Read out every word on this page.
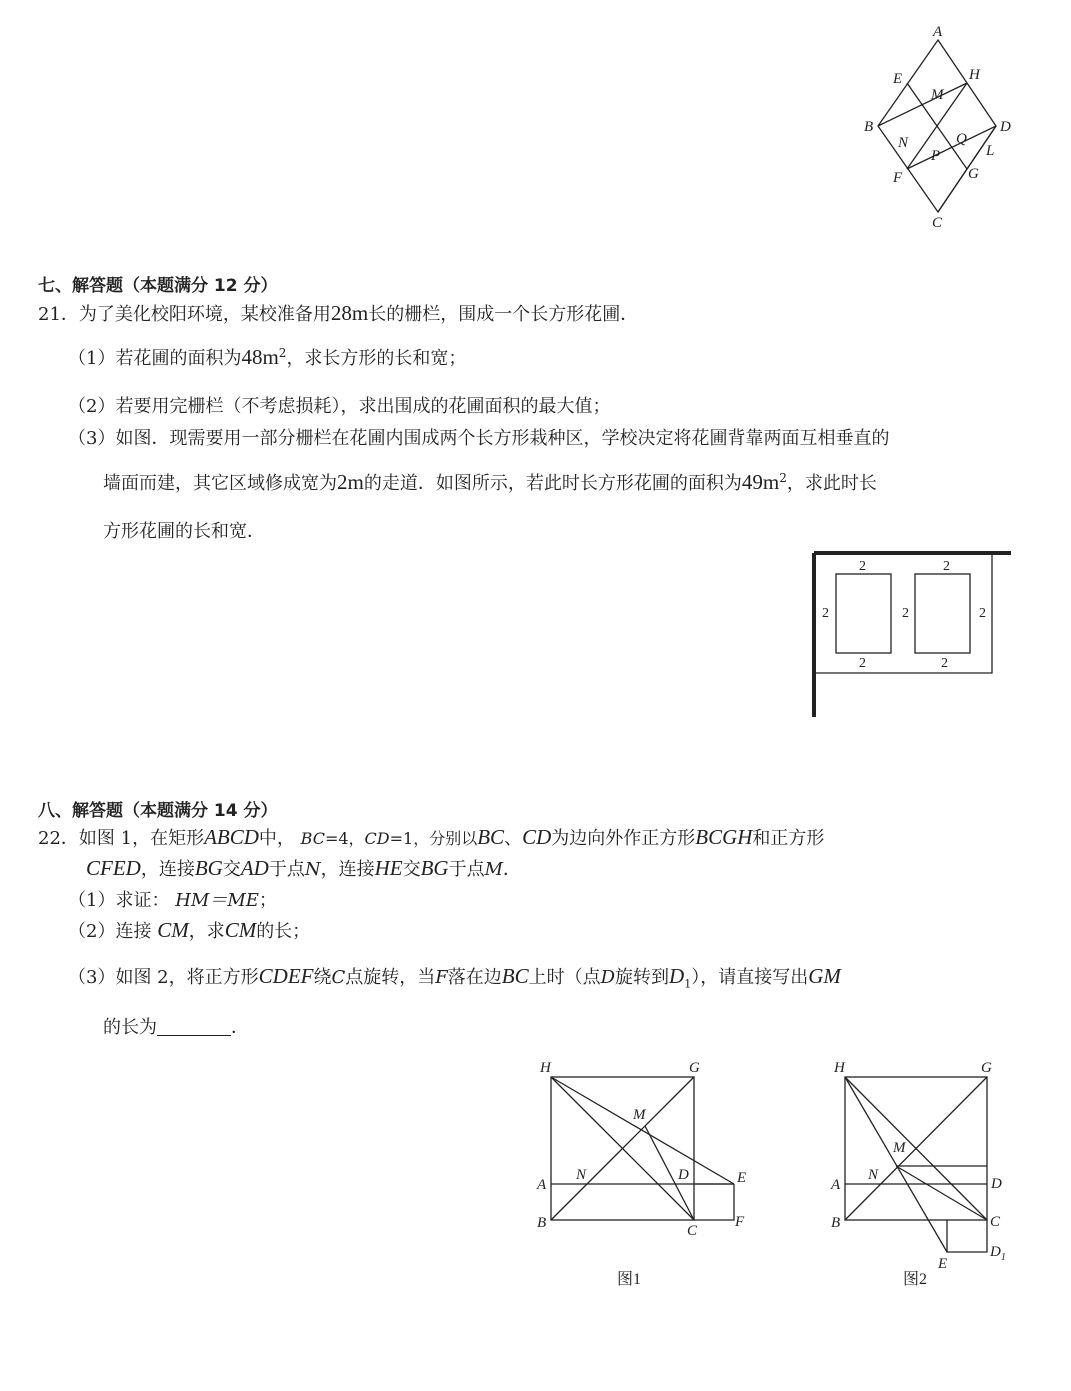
A
E	H
M
B	D
N	Q
P	L
F	G
C
七、解答题（本题满分 12 分）
21．为了美化校阳环境，某校准备用28m长的栅栏，围成一个长方形花圃．
（1）若花圃的面积为$48m^2$，求长方形的长和宽；
（2）若要用完栅栏（不考虑损耗），求出围成的花圃面积的最大值；
（3）如图．现需要用一部分栅栏在花圃内围成两个长方形栽种区，学校决定将花圃背靠两面互相垂直的
墙面而建，其它区域修成宽为2m的走道．如图所示，若此时长方形花圃的面积为$49m^2$，求此时长
方形花圃的长和宽．
2	2
2	2	2
2	2
八、解答题（本题满分 14 分）
22．如图 1，在矩形ABCD中， BC=4，CD=1，分别以BC、CD为边向外作正方形BCGH和正方形
CFED，连接BG交AD于点N，连接HE交BG于点M．
（1）求证： HM＝ME；
（2）连接 CM，求CM的长；
（3）如图 2，将正方形CDEF绕C点旋转，当F落在边BC上时（点D旋转到$D_1$），请直接写出GM
的长为	．
H	G
M
A
N	D	E
B	C
F
图1
H	G
M
A
N
D
B	C
E
$D_1$
图2
